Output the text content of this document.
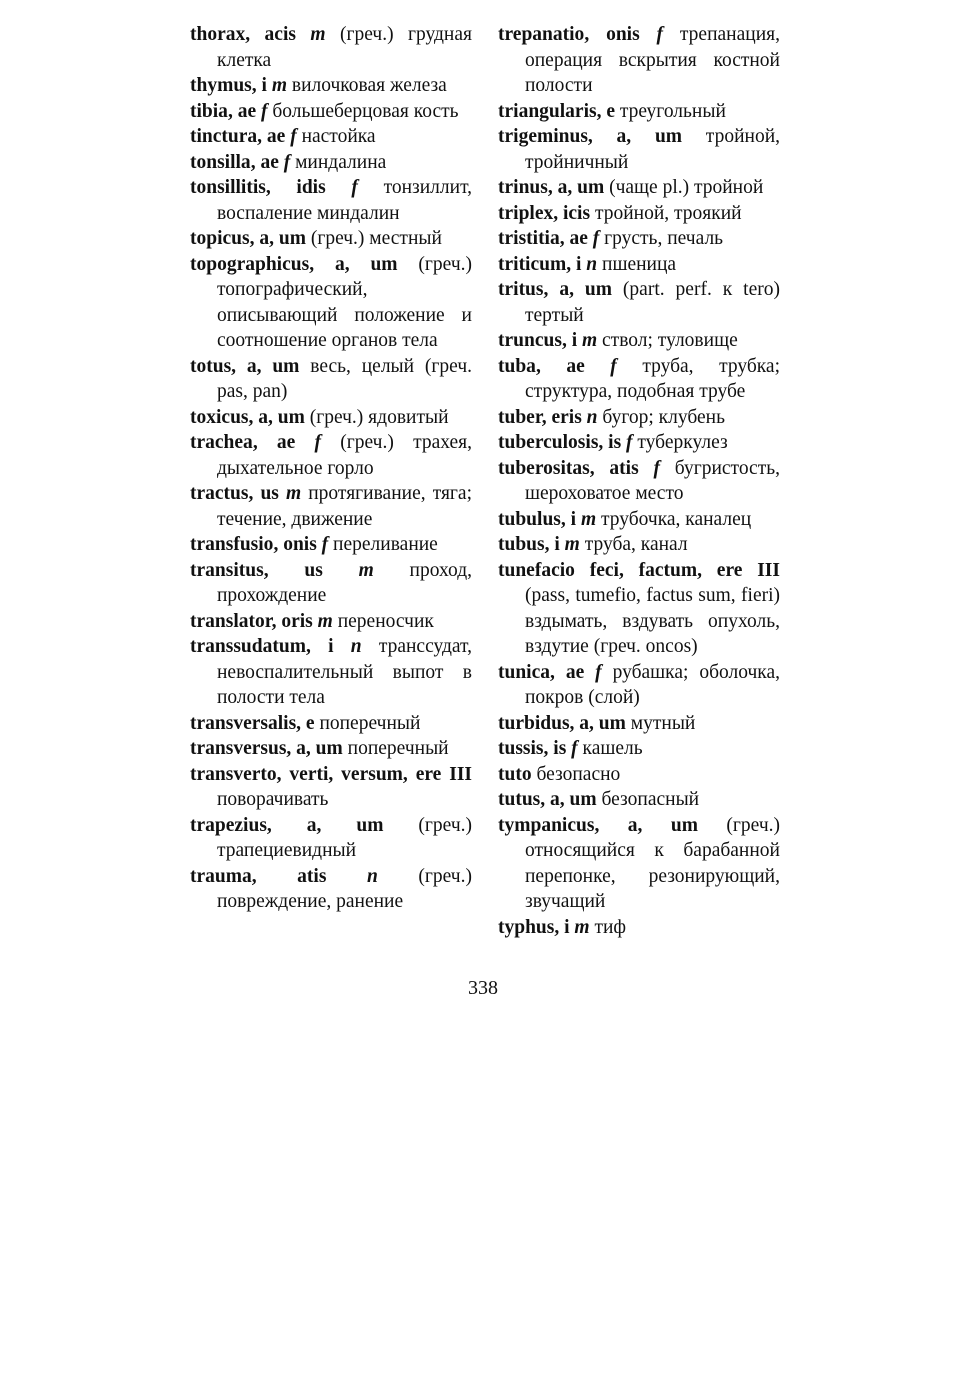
thorax, acis m (греч.) грудная клетка

thymus, i m вилочковая железа

tibia, ae f большеберцовая кость

tinctura, ae f настойка

tonsilla, ae f миндалина

tonsillitis, idis f тонзиллит, воспаление миндалин

topicus, a, um (греч.) местный

topographicus, a, um (греч.) топографический, описывающий положение и соотношение органов тела

totus, a, um весь, целый (греч. pas, pan)

toxicus, a, um (греч.) ядовитый

trachea, ae f (греч.) трахея, дыхательное горло

tractus, us m протягивание, тяга; течение, движение

transfusio, onis f переливание

transitus, us m проход, прохождение

translator, oris m переносчик

transsudatum, i n транссудат, невоспалительный выпот в полости тела

transversalis, e поперечный

transversus, a, um поперечный

transverto, verti, versum, ere III поворачивать

trapezius, a, um (греч.) трапециевидный

trauma, atis n (греч.) повреждение, ранение

trepanatio, onis f трепанация, операция вскрытия костной полости

triangularis, e треугольный

trigeminus, a, um тройной, тройничный

trinus, a, um (чаще pl.) тройной

triplex, icis тройной, трoякий

tristitia, ae f грусть, печаль

triticum, i n пшеница

tritus, a, um (part. perf. к tero) тертый

truncus, i m ствол; туловище

tuba, ae f труба, трубка; структура, подобная трубе

tuber, eris n бугор; клубень

tuberculosis, is f туберкулез

tuberositas, atis f бугристость, шероховатое место

tubulus, i m трубочка, каналец

tubus, i m труба, канал

tunefacio feci, factum, ere III (pass, tumefio, factus sum, fieri) вздымать, вздувать опухоль, вздутие (греч. oncos)

tunica, ae f рубашка; оболочка, покров (слой)

turbidus, a, um мутный

tussis, is f кашель

tuto безопасно

tutus, a, um безопасный

tympanicus, a, um (греч.) относящийся к барабанной перепонке, резонирующий, звучащий

typhus, i m тиф

338
